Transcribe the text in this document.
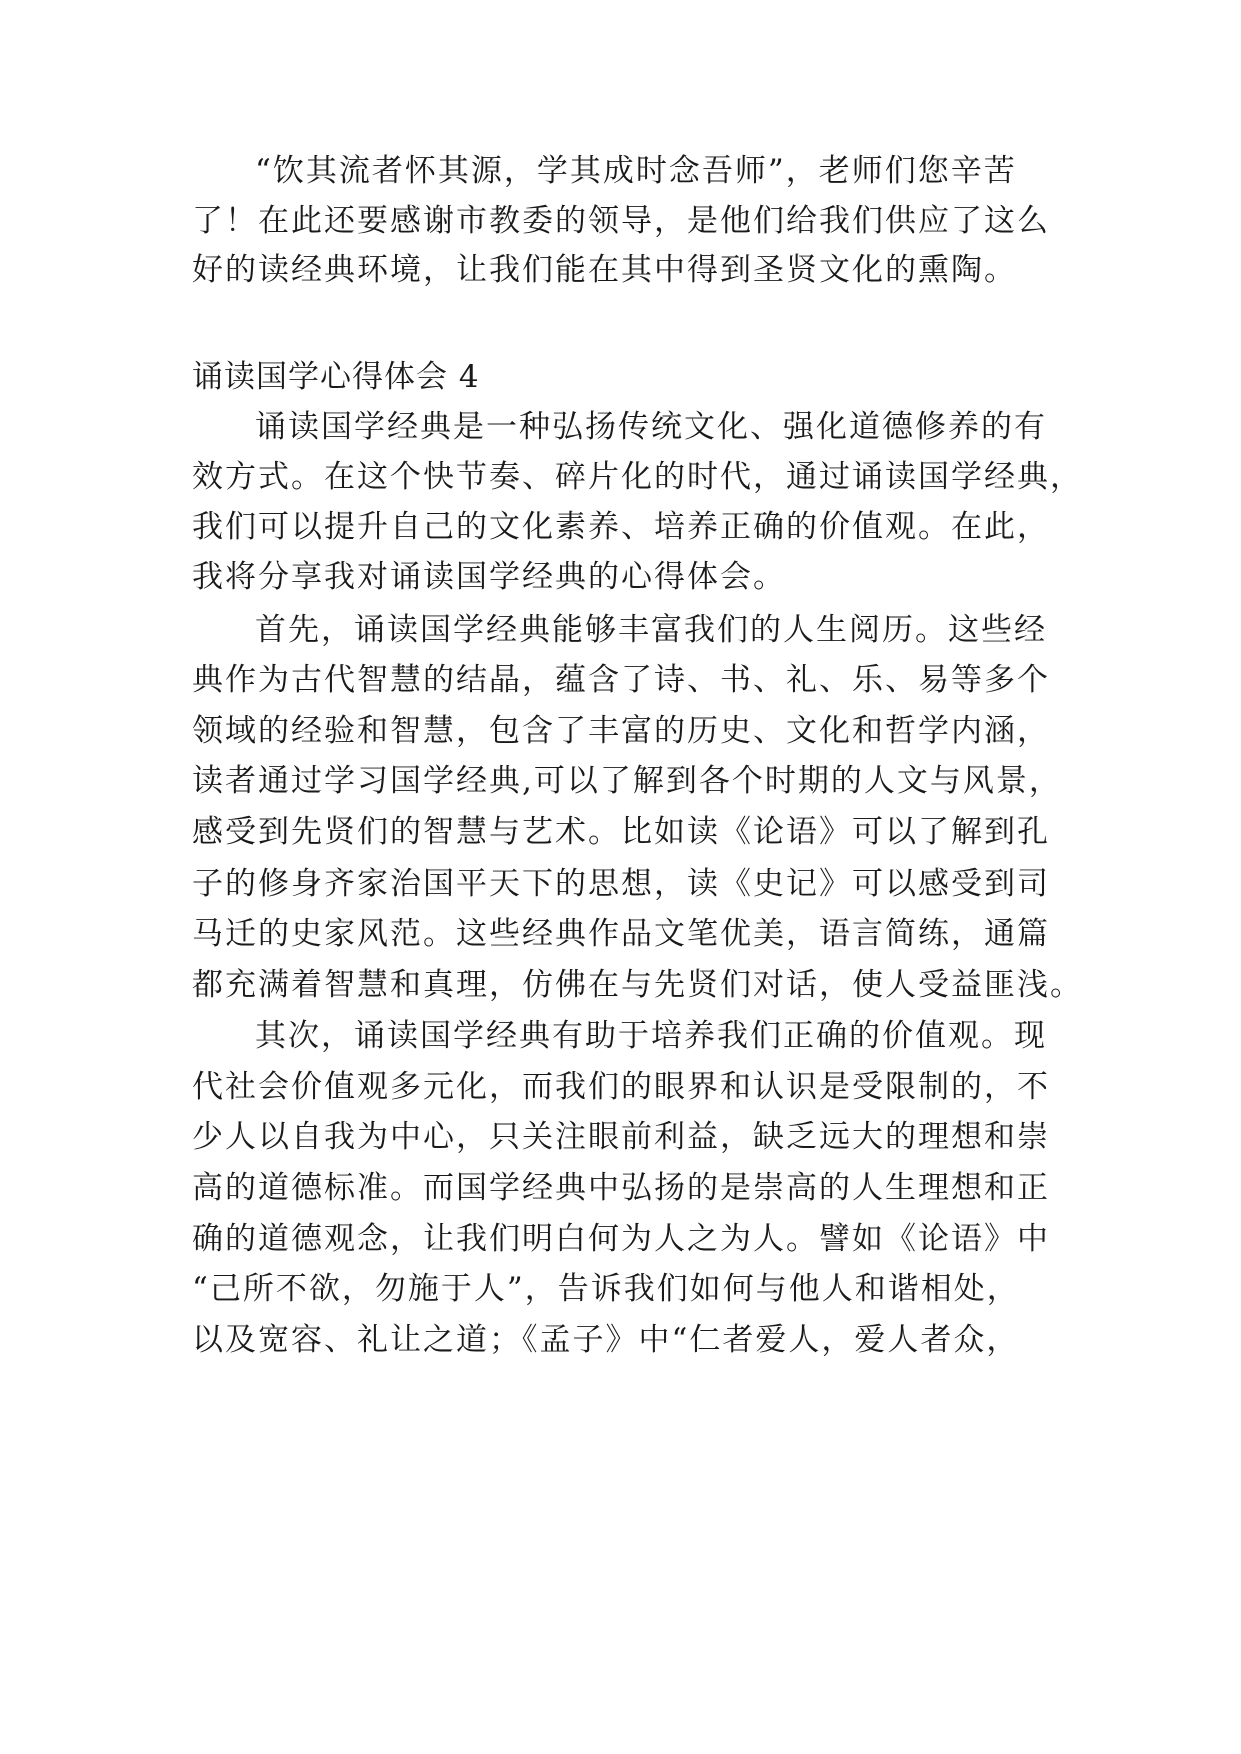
“饮其流者怀其源，学其成时念吾师”，老师们您辛苦
了！在此还要感谢市教委的领导，是他们给我们供应了这么
好的读经典环境，让我们能在其中得到圣贤文化的熏陶。
诵读国学心得体会 4
诵读国学经典是一种弘扬传统文化、强化道德修养的有
效方式。在这个快节奏、碎片化的时代，通过诵读国学经典，
我们可以提升自己的文化素养、培养正确的价值观。在此，
我将分享我对诵读国学经典的心得体会。
首先，诵读国学经典能够丰富我们的人生阅历。这些经
典作为古代智慧的结晶，蕴含了诗、书、礼、乐、易等多个
领域的经验和智慧，包含了丰富的历史、文化和哲学内涵，
读者通过学习国学经典,可以了解到各个时期的人文与风景，
感受到先贤们的智慧与艺术。比如读《论语》可以了解到孔
子的修身齐家治国平天下的思想，读《史记》可以感受到司
马迁的史家风范。这些经典作品文笔优美，语言简练，通篇
都充满着智慧和真理，仿佛在与先贤们对话，使人受益匪浅。
其次，诵读国学经典有助于培养我们正确的价值观。现
代社会价值观多元化，而我们的眼界和认识是受限制的，不
少人以自我为中心，只关注眼前利益，缺乏远大的理想和崇
高的道德标准。而国学经典中弘扬的是崇高的人生理想和正
确的道德观念，让我们明白何为人之为人。譬如《论语》中
“己所不欲，勿施于人”，告诉我们如何与他人和谐相处，
以及宽容、礼让之道；《孟子》中“仁者爱人，爱人者众，
